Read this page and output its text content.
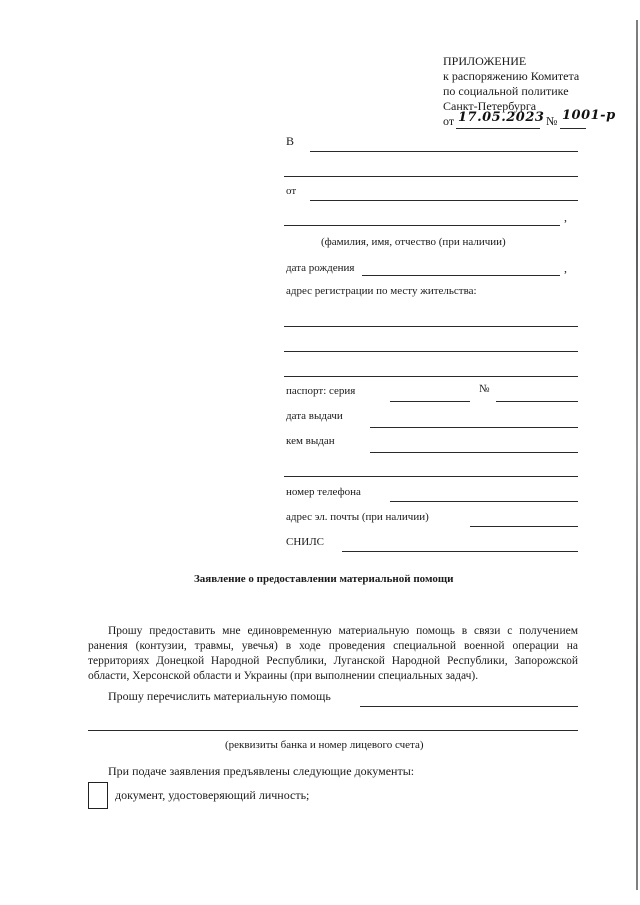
ПРИЛОЖЕНИЕ
к распоряжению Комитета
по социальной политике
Санкт-Петербурга
от 17.05.2023 № 1001-р
В
от
,
(фамилия, имя, отчество (при наличии)
дата рождения	,
адрес регистрации по месту жительства:
паспорт: серия	№
дата выдачи
кем выдан
номер телефона
адрес эл. почты (при наличии)
СНИЛС
Заявление о предоставлении материальной помощи
Прошу предоставить мне единовременную материальную помощь в связи с получением ранения (контузии, травмы, увечья) в ходе проведения специальной военной операции на территориях Донецкой Народной Республики, Луганской Народной Республики, Запорожской области, Херсонской области и Украины (при выполнении специальных задач).
Прошу перечислить материальную помощь
(реквизиты банка и номер лицевого счета)
При подаче заявления предъявлены следующие документы:
документ, удостоверяющий личность;
